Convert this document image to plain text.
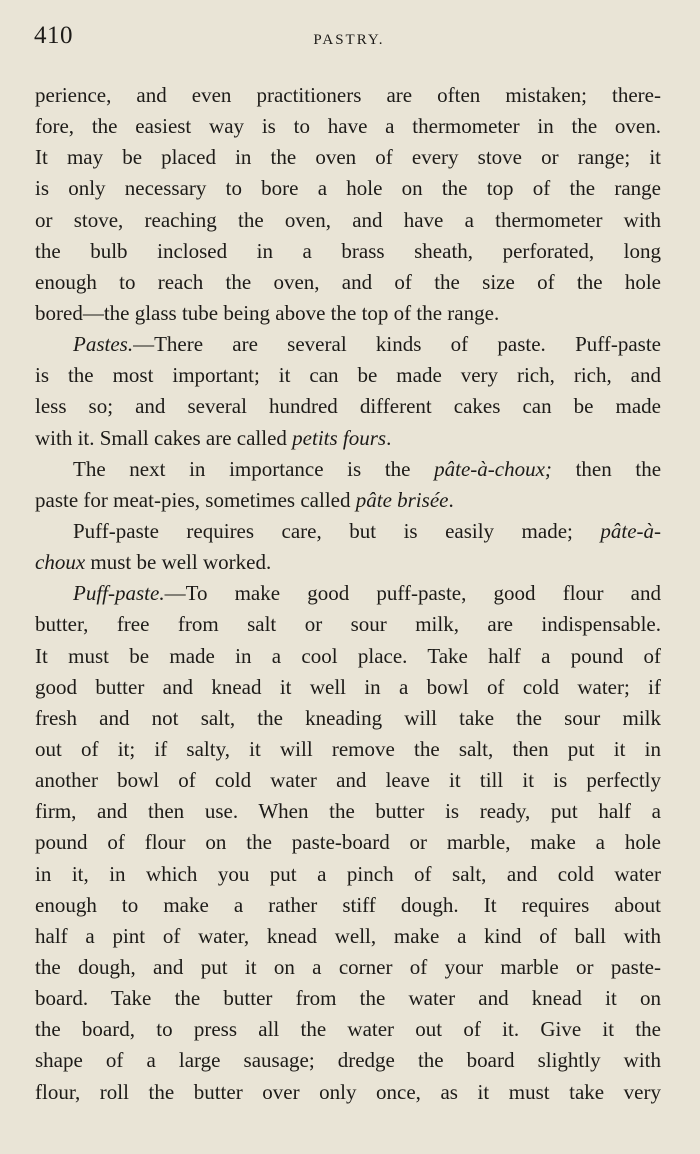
410	PASTRY.
perience, and even practitioners are often mistaken; there-
fore, the easiest way is to have a thermometer in the oven.
It may be placed in the oven of every stove or range; it
is only necessary to bore a hole on the top of the range
or stove, reaching the oven, and have a thermometer with
the bulb inclosed in a brass sheath, perforated, long
enough to reach the oven, and of the size of the hole
bored—the glass tube being above the top of the range.
Pastes.—There are several kinds of paste. Puff-paste
is the most important; it can be made very rich, rich, and
less so; and several hundred different cakes can be made
with it. Small cakes are called petits fours.
The next in importance is the pâte-à-choux; then the
paste for meat-pies, sometimes called pâte brisée.
Puff-paste requires care, but is easily made; pâte-à-
choux must be well worked.
Puff-paste.—To make good puff-paste, good flour and
butter, free from salt or sour milk, are indispensable.
It must be made in a cool place. Take half a pound of
good butter and knead it well in a bowl of cold water; if
fresh and not salt, the kneading will take the sour milk
out of it; if salty, it will remove the salt, then put it in
another bowl of cold water and leave it till it is perfectly
firm, and then use. When the butter is ready, put half a
pound of flour on the paste-board or marble, make a hole
in it, in which you put a pinch of salt, and cold water
enough to make a rather stiff dough. It requires about
half a pint of water, knead well, make a kind of ball with
the dough, and put it on a corner of your marble or paste-
board. Take the butter from the water and knead it on
the board, to press all the water out of it. Give it the
shape of a large sausage; dredge the board slightly with
flour, roll the butter over only once, as it must take very
